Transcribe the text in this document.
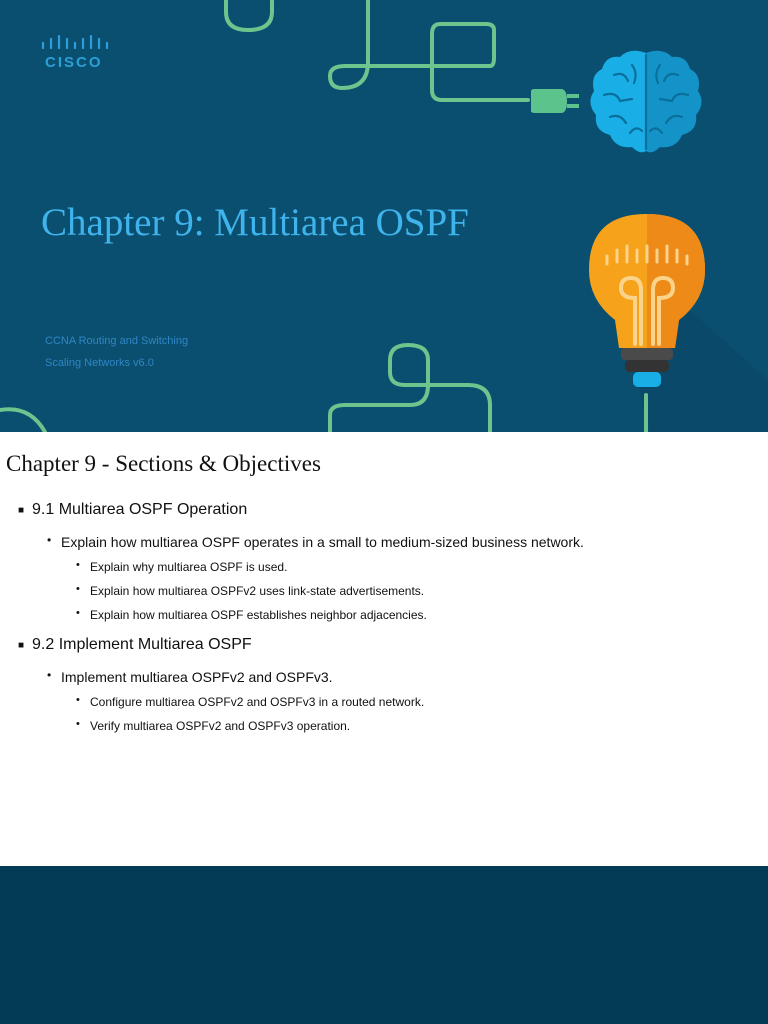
CISCO
Chapter 9: Multiarea OSPF
CCNA Routing and Switching
Scaling Networks v6.0
Chapter 9 - Sections & Objectives
■ 9.1 Multiarea OSPF Operation
• Explain how multiarea OSPF operates in a small to medium-sized business network.
• Explain why multiarea OSPF is used.
• Explain how multiarea OSPFv2 uses link-state advertisements.
• Explain how multiarea OSPF establishes neighbor adjacencies.
■ 9.2 Implement Multiarea OSPF
• Implement multiarea OSPFv2 and OSPFv3.
• Configure multiarea OSPFv2 and OSPFv3 in a routed network.
• Verify multiarea OSPFv2 and OSPFv3 operation.
